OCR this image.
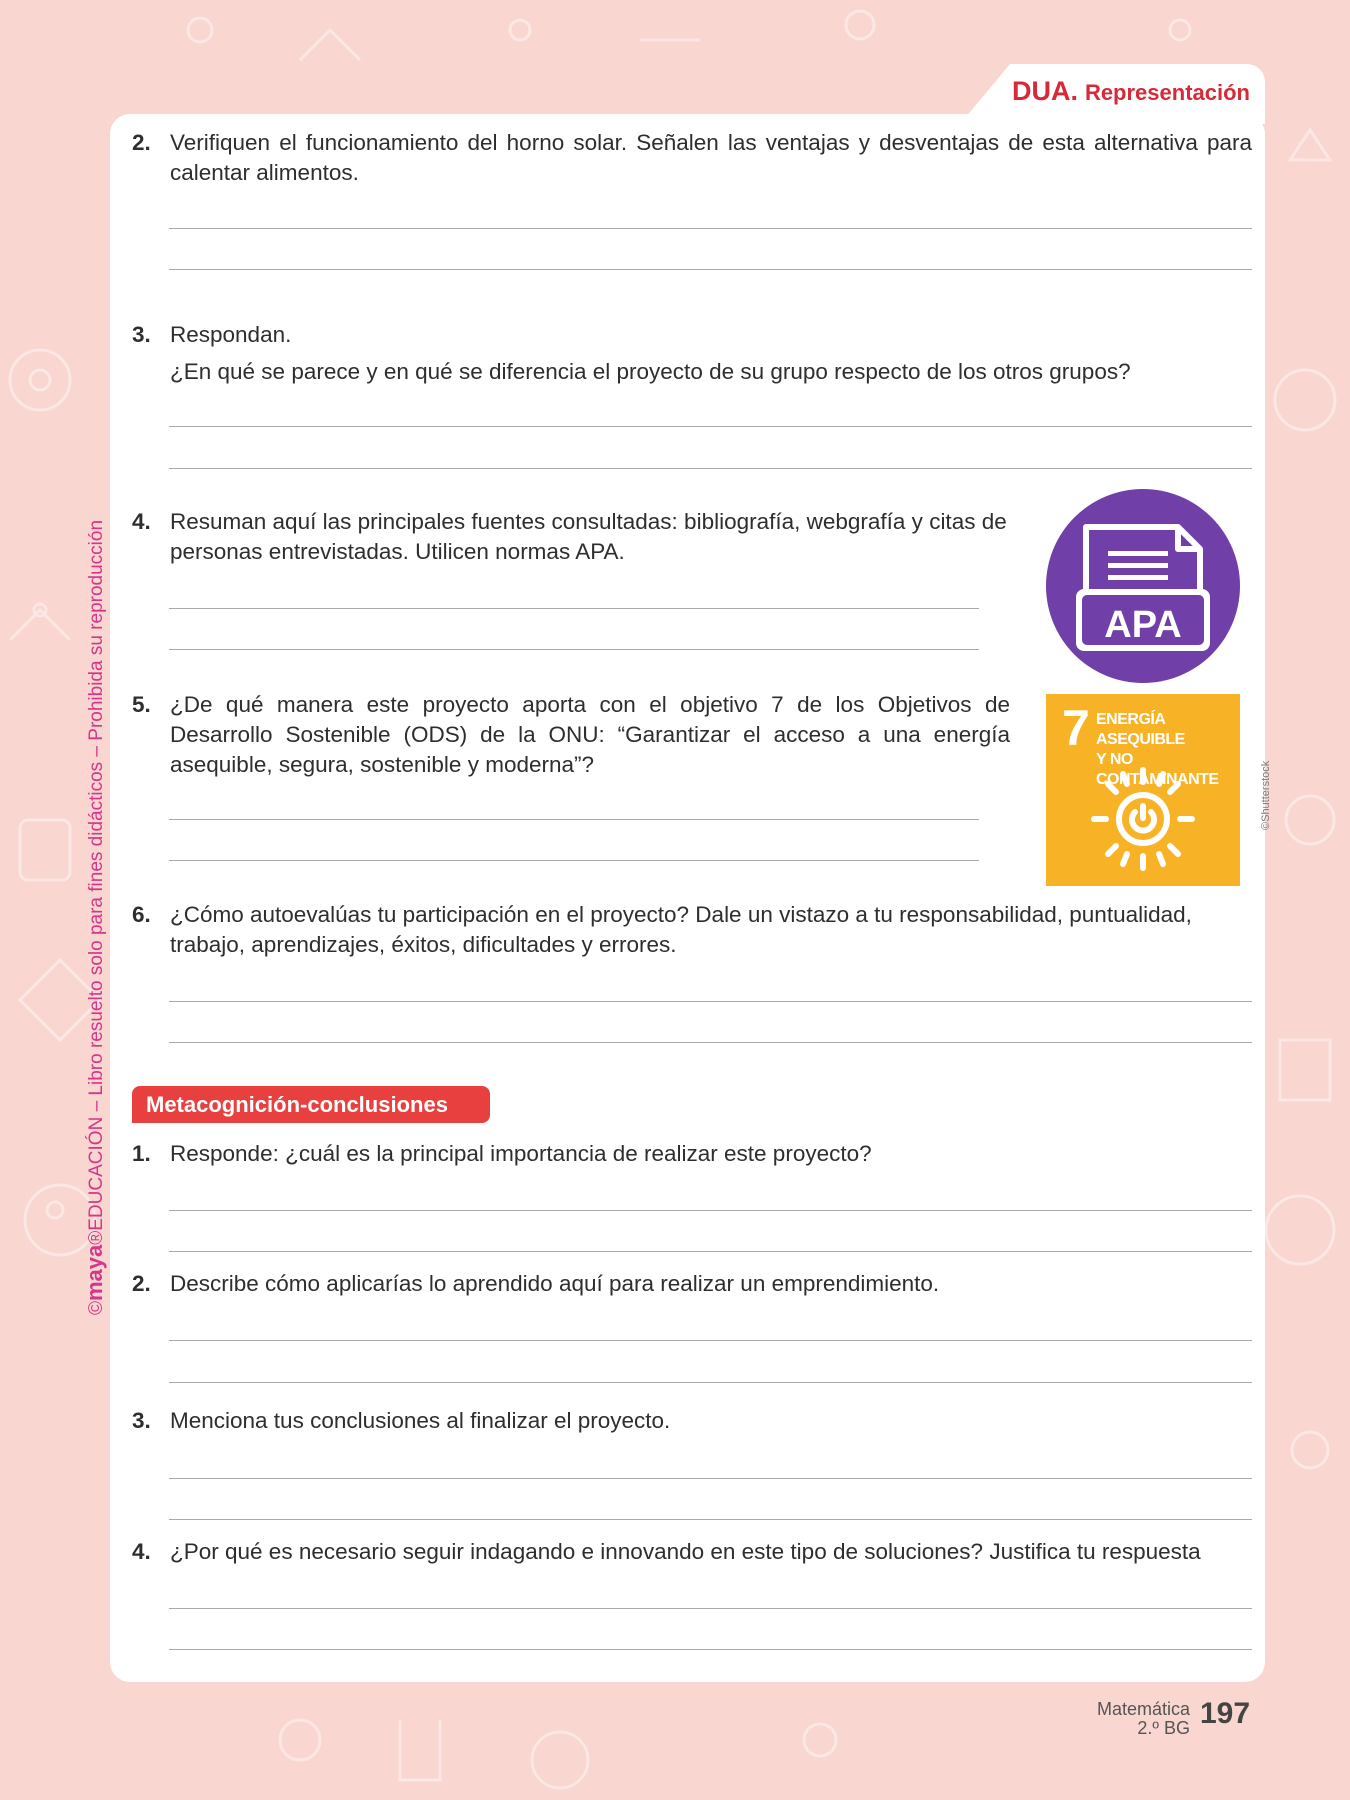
DUA. Representación
©maya®EDUCACIÓN – Libro resuelto solo para fines didácticos – Prohibida su reproducción
2. Verifiquen el funcionamiento del horno solar. Señalen las ventajas y desventajas de esta alternativa para calentar alimentos.
3. Respondan.
¿En qué se parece y en qué se diferencia el proyecto de su grupo respecto de los otros grupos?
4. Resuman aquí las principales fuentes consultadas: bibliografía, webgrafía y citas de personas entrevistadas. Utilicen normas APA.
APA
5. ¿De qué manera este proyecto aporta con el objetivo 7 de los Objetivos de Desarrollo Sostenible (ODS) de la ONU: “Garantizar el acceso a una energía asequible, segura, sostenible y moderna”?
7 ENERGÍA ASEQUIBLE
Y NO CONTAMINANTE	©Shutterstock
6. ¿Cómo autoevalúas tu participación en el proyecto? Dale un vistazo a tu responsabilidad, puntualidad, trabajo, aprendizajes, éxitos, dificultades y errores.
Metacognición-conclusiones
1. Responde: ¿cuál es la principal importancia de realizar este proyecto?
2. Describe cómo aplicarías lo aprendido aquí para realizar un emprendimiento.
3. Menciona tus conclusiones al finalizar el proyecto.
4. ¿Por qué es necesario seguir indagando e innovando en este tipo de soluciones? Justifica tu respuesta
Matemática
2.º BG 197
